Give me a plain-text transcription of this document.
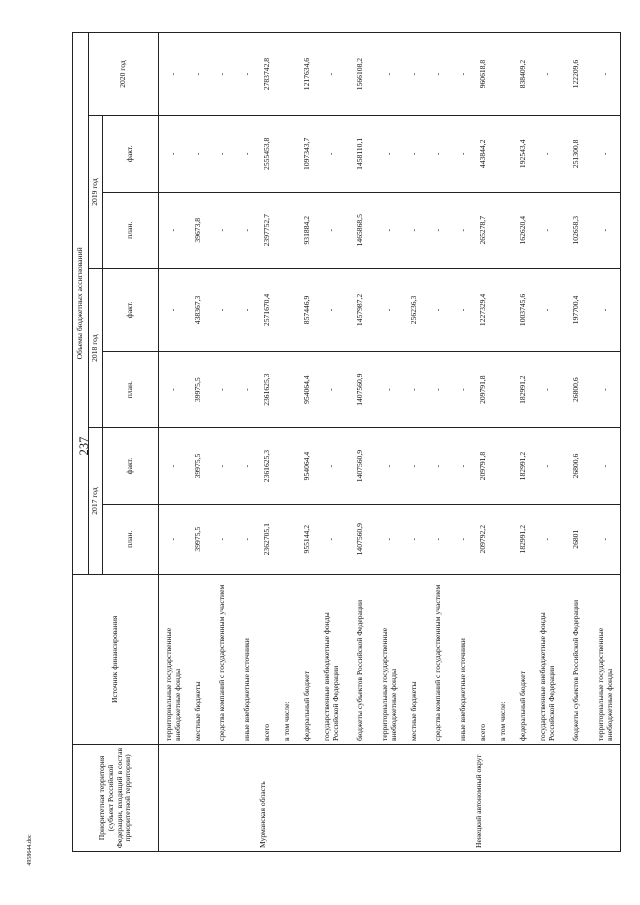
237
4958644.doc
Приоритетная территория (субъект Российской Федерации, входящий в состав приоритетной территории)	Источник финансирования	Объемы бюджетных ассигнований						
		2017 год		2018 год		2019 год		2020 год
		план.	факт.	план.	факт.	план.	факт.	
	территориальные государственные внебюджетные фонды	-	-	-	-	-	-	-
	местные бюджеты	39975,5	39975,5	39975,5	438367,3	39673,8	-	-
	средства компаний с государственным участием	-	-	-	-	-	-	-
	иные внебюджетные источники	-	-	-	-	-	-	-
Мурманская область	всего	2362705,1	2361625,3	2361625,3	2571670,4	2397752,7	2555453,8	2783742,8
	в том числе:							
	федеральный бюджет	955144,2	954064,4	954064,4	857446,9	931884,2	1097343,7	1217634,6
	государственные внебюджетные фонды Российской Федерации	-	-	-	-	-	-	-
	бюджеты субъектов Российской Федерации	1407560,9	1407560,9	1407560,9	1457987,2	1465868,5	1458110,1	1566108,2
	территориальные государственные внебюджетные фонды	-	-	-	-	-	-	-
	местные бюджеты	-	-	-	256236,3	-	-	-
	средства компаний с государственным участием	-	-	-	-	-	-	-
	иные внебюджетные источники	-	-	-	-	-	-	-
Ненецкий автономный округ	всего	209792,2	209791,8	209791,8	1227329,4	265278,7	443844,2	960618,8
	в том числе:							
	федеральный бюджет	182991,2	182991,2	182991,2	1003745,6	162620,4	192543,4	838409,2
	государственные внебюджетные фонды Российской Федерации	-	-	-	-	-	-	-
	бюджеты субъектов Российской Федерации	26801	26800,6	26800,6	197700,4	102658,3	251300,8	122209,6
	территориальные государственные внебюджетные фонды	-	-	-	-	-	-	-
